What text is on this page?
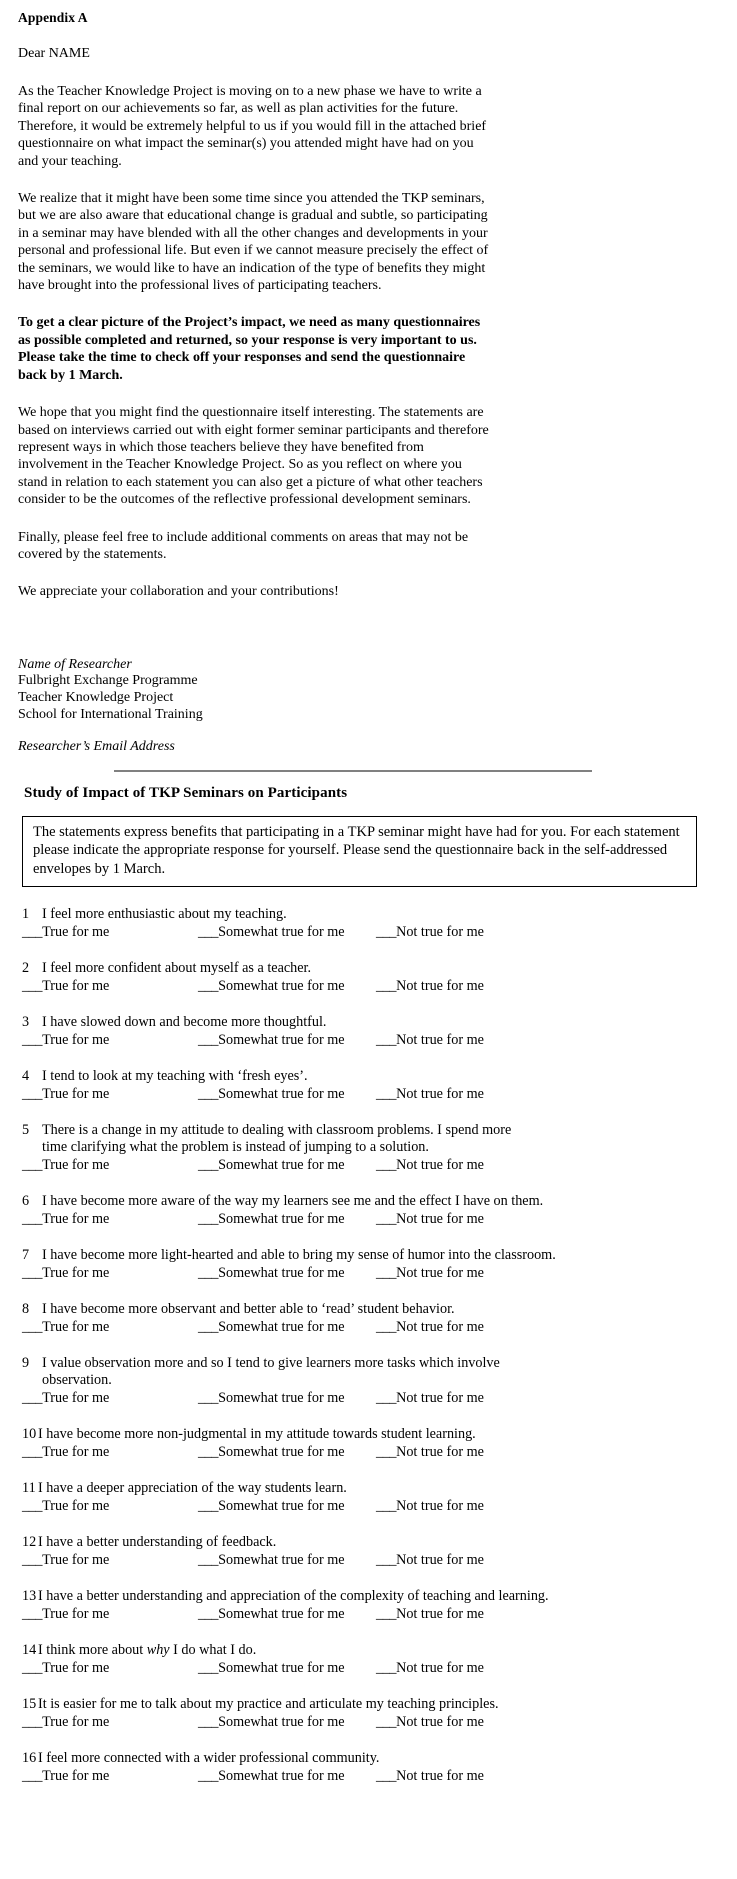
Appendix A
Dear NAME

As the Teacher Knowledge Project is moving on to a new phase we have to write a final report on our achievements so far, as well as plan activities for the future. Therefore, it would be extremely helpful to us if you would fill in the attached brief questionnaire on what impact the seminar(s) you attended might have had on you and your teaching.

We realize that it might have been some time since you attended the TKP seminars, but we are also aware that educational change is gradual and subtle, so participating in a seminar may have blended with all the other changes and developments in your personal and professional life. But even if we cannot measure precisely the effect of the seminars, we would like to have an indication of the type of benefits they might have brought into the professional lives of participating teachers.

To get a clear picture of the Project’s impact, we need as many questionnaires as possible completed and returned, so your response is very important to us. Please take the time to check off your responses and send the questionnaire back by 1 March.

We hope that you might find the questionnaire itself interesting. The statements are based on interviews carried out with eight former seminar participants and therefore represent ways in which those teachers believe they have benefited from involvement in the Teacher Knowledge Project. So as you reflect on where you stand in relation to each statement you can also get a picture of what other teachers consider to be the outcomes of the reflective professional development seminars.

Finally, please feel free to include additional comments on areas that may not be covered by the statements.

We appreciate your collaboration and your contributions!

Name of Researcher
Fulbright Exchange Programme
Teacher Knowledge Project
School for International Training
Researcher’s Email Address
Study of Impact of TKP Seminars on Participants
The statements express benefits that participating in a TKP seminar might have had for you. For each statement please indicate the appropriate response for yourself. Please send the questionnaire back in the self-addressed envelopes by 1 March.
1 I feel more enthusiastic about my teaching.
___True for me	___Somewhat true for me	___Not true for me
2 I feel more confident about myself as a teacher.
___True for me	___Somewhat true for me	___Not true for me
3 I have slowed down and become more thoughtful.
___True for me	___Somewhat true for me	___Not true for me
4 I tend to look at my teaching with ‘fresh eyes’.
___True for me	___Somewhat true for me	___Not true for me
5 There is a change in my attitude to dealing with classroom problems. I spend more
time clarifying what the problem is instead of jumping to a solution.
___True for me	___Somewhat true for me	___Not true for me
6 I have become more aware of the way my learners see me and the effect I have on them.
___True for me	___Somewhat true for me	___Not true for me
7 I have become more light-hearted and able to bring my sense of humor into the classroom.
___True for me	___Somewhat true for me	___Not true for me
8 I have become more observant and better able to ‘read’ student behavior.
___True for me	___Somewhat true for me	___Not true for me
9 I value observation more and so I tend to give learners more tasks which involve
observation.
___True for me	___Somewhat true for me	___Not true for me
10 I have become more non-judgmental in my attitude towards student learning.
___True for me	___Somewhat true for me	___Not true for me
11 I have a deeper appreciation of the way students learn.
___True for me	___Somewhat true for me	___Not true for me
12 I have a better understanding of feedback.
___True for me	___Somewhat true for me	___Not true for me
13 I have a better understanding and appreciation of the complexity of teaching and learning.
___True for me	___Somewhat true for me	___Not true for me
14 I think more about why I do what I do.
___True for me	___Somewhat true for me	___Not true for me
15 It is easier for me to talk about my practice and articulate my teaching principles.
___True for me	___Somewhat true for me	___Not true for me
16 I feel more connected with a wider professional community.
___True for me	___Somewhat true for me	___Not true for me
